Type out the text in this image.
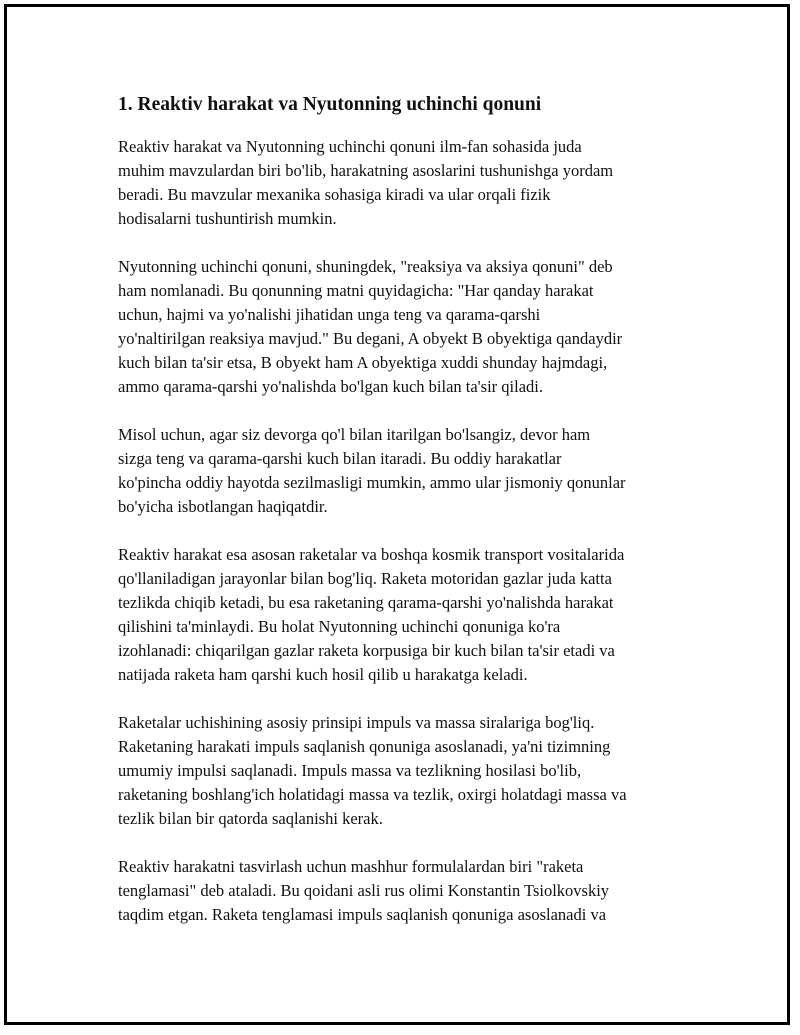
1. Reaktiv harakat va Nyutonning uchinchi qonuni

Reaktiv harakat va Nyutonning uchinchi qonuni ilm-fan sohasida juda
muhim mavzulardan biri bo'lib, harakatning asoslarini tushunishga yordam
beradi. Bu mavzular mexanika sohasiga kiradi va ular orqali fizik
hodisalarni tushuntirish mumkin.

Nyutonning uchinchi qonuni, shuningdek, "reaksiya va aksiya qonuni" deb
ham nomlanadi. Bu qonunning matni quyidagicha: "Har qanday harakat
uchun, hajmi va yo'nalishi jihatidan unga teng va qarama-qarshi
yo'naltirilgan reaksiya mavjud." Bu degani, A obyekt B obyektiga qandaydir
kuch bilan ta'sir etsa, B obyekt ham A obyektiga xuddi shunday hajmdagi,
ammo qarama-qarshi yo'nalishda bo'lgan kuch bilan ta'sir qiladi.

Misol uchun, agar siz devorga qo'l bilan itarilgan bo'lsangiz, devor ham
sizga teng va qarama-qarshi kuch bilan itaradi. Bu oddiy harakatlar
ko'pincha oddiy hayotda sezilmasligi mumkin, ammo ular jismoniy qonunlar
bo'yicha isbotlangan haqiqatdir.

Reaktiv harakat esa asosan raketalar va boshqa kosmik transport vositalarida
qo'llaniladigan jarayonlar bilan bog'liq. Raketa motoridan gazlar juda katta
tezlikda chiqib ketadi, bu esa raketaning qarama-qarshi yo'nalishda harakat
qilishini ta'minlaydi. Bu holat Nyutonning uchinchi qonuniga ko'ra
izohlanadi: chiqarilgan gazlar raketa korpusiga bir kuch bilan ta'sir etadi va
natijada raketa ham qarshi kuch hosil qilib u harakatga keladi.

Raketalar uchishining asosiy prinsipi impuls va massa siralariga bog'liq.
Raketaning harakati impuls saqlanish qonuniga asoslanadi, ya'ni tizimning
umumiy impulsi saqlanadi. Impuls massa va tezlikning hosilasi bo'lib,
raketaning boshlang'ich holatidagi massa va tezlik, oxirgi holatdagi massa va
tezlik bilan bir qatorda saqlanishi kerak.

Reaktiv harakatni tasvirlash uchun mashhur formulalardan biri "raketa
tenglamasi" deb ataladi. Bu qoidani asli rus olimi Konstantin Tsiolkovskiy
taqdim etgan. Raketa tenglamasi impuls saqlanish qonuniga asoslanadi va
